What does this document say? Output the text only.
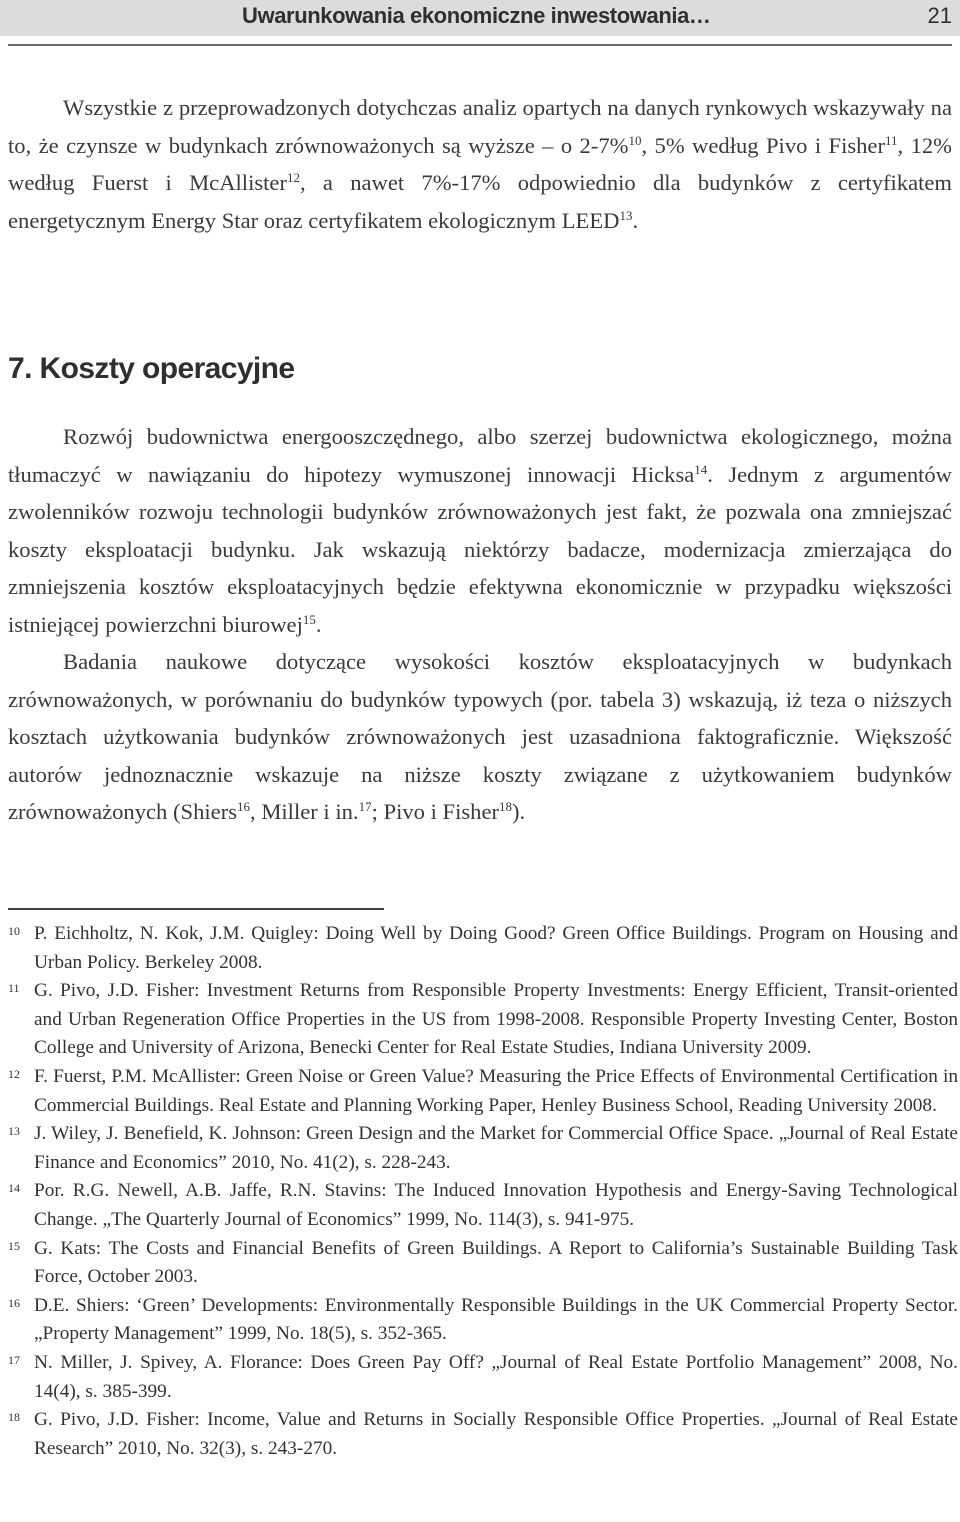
Uwarunkowania ekonomiczne inwestowania…	21

Wszystkie z przeprowadzonych dotychczas analiz opartych na danych rynkowych wskazywały na to, że czynsze w budynkach zrównoważonych są wyższe – o 2-7%$^{10}$, 5% według Pivo i Fisher$^{11}$, 12% według Fuerst i McAllister$^{12}$, a nawet 7%-17% odpowiednio dla budynków z certyfikatem energetycznym Energy Star oraz certyfikatem ekologicznym LEED$^{13}$.

7. Koszty operacyjne

Rozwój budownictwa energooszczędnego, albo szerzej budownictwa ekologicznego, można tłumaczyć w nawiązaniu do hipotezy wymuszonej innowacji Hicksa$^{14}$. Jednym z argumentów zwolenników rozwoju technologii budynków zrównoważonych jest fakt, że pozwala ona zmniejszać koszty eksploatacji budynku. Jak wskazują niektórzy badacze, modernizacja zmierzająca do zmniejszenia kosztów eksploatacyjnych będzie efektywna ekonomicznie w przypadku większości istniejącej powierzchni biurowej$^{15}$.

Badania naukowe dotyczące wysokości kosztów eksploatacyjnych w budynkach zrównoważonych, w porównaniu do budynków typowych (por. tabela 3) wskazują, iż teza o niższych kosztach użytkowania budynków zrównoważonych jest uzasadniona faktograficznie. Większość autorów jednoznacznie wskazuje na niższe koszty związane z użytkowaniem budynków zrównoważonych (Shiers$^{16}$, Miller i in.$^{17}$; Pivo i Fisher$^{18}$).

10 P. Eichholtz, N. Kok, J.M. Quigley: Doing Well by Doing Good? Green Office Buildings. Program on Housing and Urban Policy. Berkeley 2008.
11 G. Pivo, J.D. Fisher: Investment Returns from Responsible Property Investments: Energy Efficient, Transit-oriented and Urban Regeneration Office Properties in the US from 1998-2008. Responsible Property Investing Center, Boston College and University of Arizona, Benecki Center for Real Estate Studies, Indiana University 2009.
12 F. Fuerst, P.M. McAllister: Green Noise or Green Value? Measuring the Price Effects of Environmental Certification in Commercial Buildings. Real Estate and Planning Working Paper, Henley Business School, Reading University 2008.
13 J. Wiley, J. Benefield, K. Johnson: Green Design and the Market for Commercial Office Space. „Journal of Real Estate Finance and Economics” 2010, No. 41(2), s. 228-243.
14 Por. R.G. Newell, A.B. Jaffe, R.N. Stavins: The Induced Innovation Hypothesis and Energy-Saving Technological Change. „The Quarterly Journal of Economics” 1999, No. 114(3), s. 941-975.
15 G. Kats: The Costs and Financial Benefits of Green Buildings. A Report to California’s Sustainable Building Task Force, October 2003.
16 D.E. Shiers: ‘Green’ Developments: Environmentally Responsible Buildings in the UK Commercial Property Sector. „Property Management” 1999, No. 18(5), s. 352-365.
17 N. Miller, J. Spivey, A. Florance: Does Green Pay Off? „Journal of Real Estate Portfolio Management” 2008, No. 14(4), s. 385-399.
18 G. Pivo, J.D. Fisher: Income, Value and Returns in Socially Responsible Office Properties. „Journal of Real Estate Research” 2010, No. 32(3), s. 243-270.
